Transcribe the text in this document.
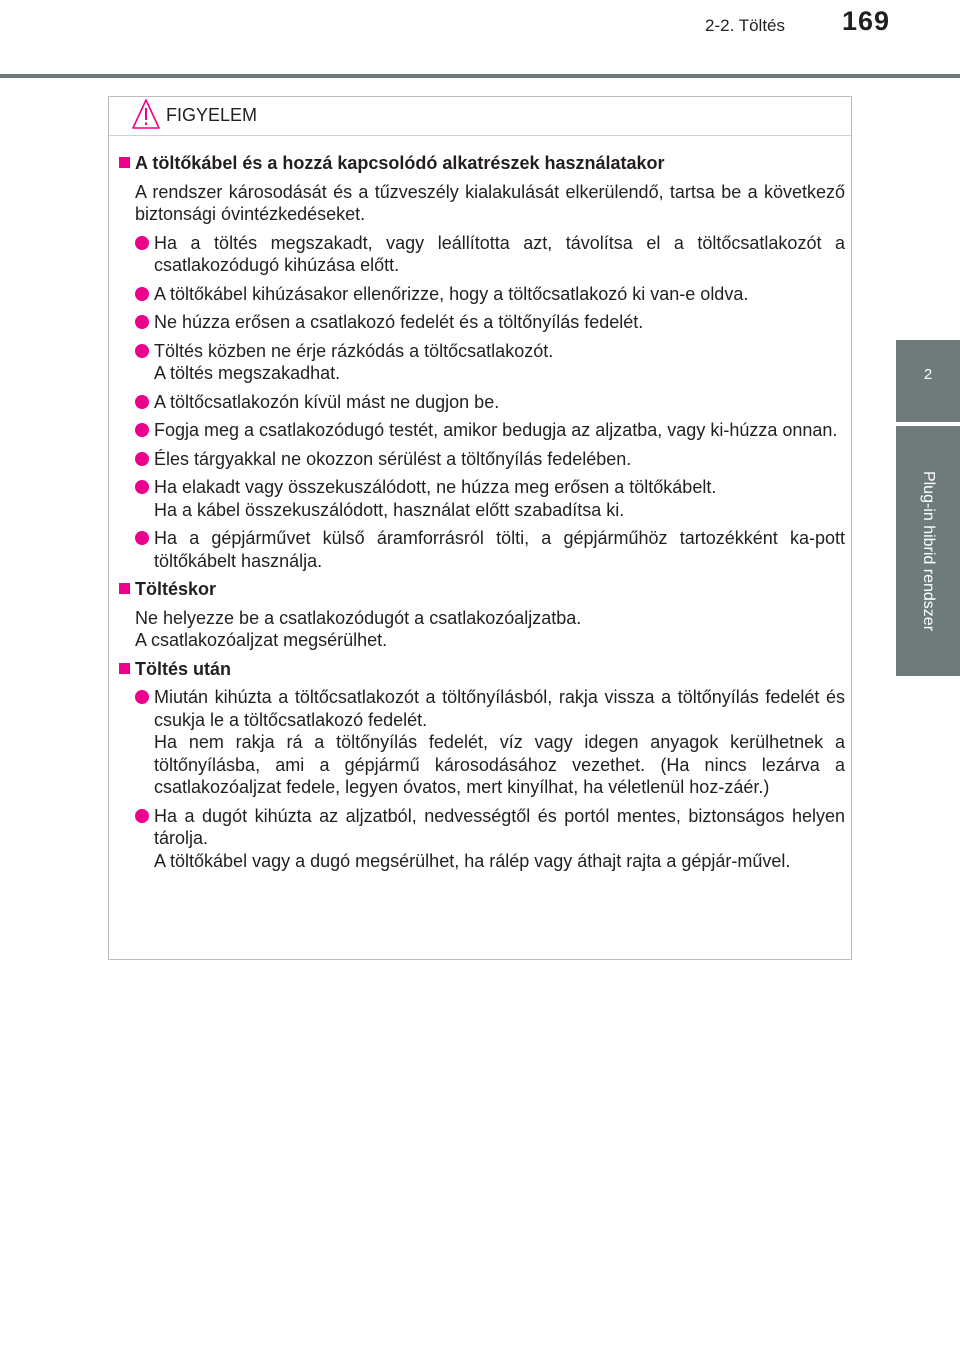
2-2. Töltés	169
2
Plug-in hibrid rendszer
FIGYELEM
A töltőkábel és a hozzá kapcsolódó alkatrészek használatakor
A rendszer károsodását és a tűzveszély kialakulását elkerülendő, tartsa be a következő biztonsági óvintézkedéseket.
Ha a töltés megszakadt, vagy leállította azt, távolítsa el a töltőcsatlakozót a csatlakozódugó kihúzása előtt.
A töltőkábel kihúzásakor ellenőrizze, hogy a töltőcsatlakozó ki van-e oldva.
Ne húzza erősen a csatlakozó fedelét és a töltőnyílás fedelét.
Töltés közben ne érje rázkódás a töltőcsatlakozót.
A töltés megszakadhat.
A töltőcsatlakozón kívül mást ne dugjon be.
Fogja meg a csatlakozódugó testét, amikor bedugja az aljzatba, vagy ki-húzza onnan.
Éles tárgyakkal ne okozzon sérülést a töltőnyílás fedelében.
Ha elakadt vagy összekuszálódott, ne húzza meg erősen a töltőkábelt.
Ha a kábel összekuszálódott, használat előtt szabadítsa ki.
Ha a gépjárművet külső áramforrásról tölti, a gépjárműhöz tartozékként ka-pott töltőkábelt használja.
Töltéskor
Ne helyezze be a csatlakozódugót a csatlakozóaljzatba.
A csatlakozóaljzat megsérülhet.
Töltés után
Miután kihúzta a töltőcsatlakozót a töltőnyílásból, rakja vissza a töltőnyílás fedelét és csukja le a töltőcsatlakozó fedelét.
Ha nem rakja rá a töltőnyílás fedelét, víz vagy idegen anyagok kerülhetnek a töltőnyílásba, ami a gépjármű károsodásához vezethet. (Ha nincs lezárva a csatlakozóaljzat fedele, legyen óvatos, mert kinyílhat, ha véletlenül hoz-záér.)
Ha a dugót kihúzta az aljzatból, nedvességtől és portól mentes, biztonságos helyen tárolja.
A töltőkábel vagy a dugó megsérülhet, ha rálép vagy áthajt rajta a gépjár-művel.
